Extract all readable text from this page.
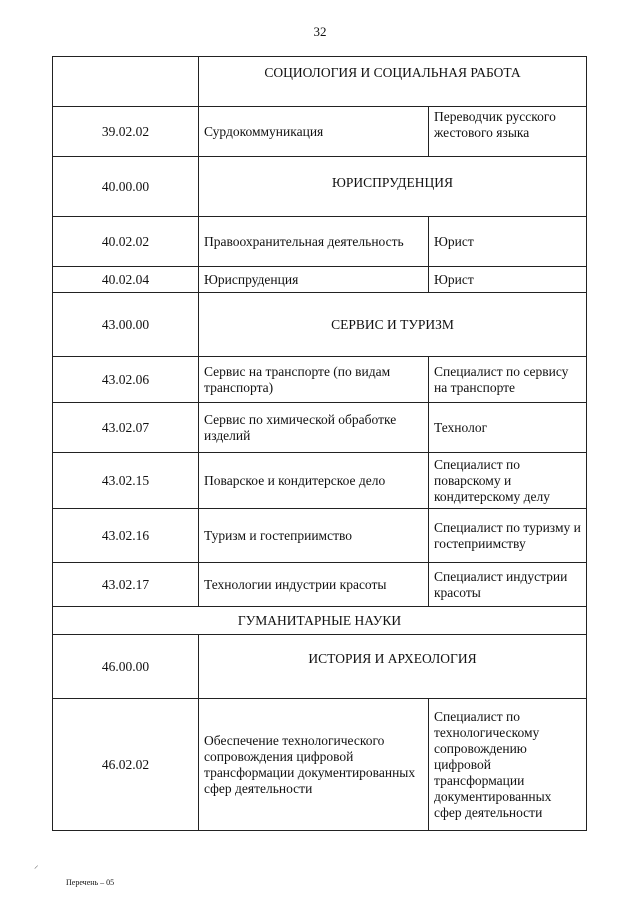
32
	СОЦИОЛОГИЯ И СОЦИАЛЬНАЯ РАБОТА	
39.02.02	Сурдокоммуникация	Переводчик русского жестового языка
40.00.00	ЮРИСПРУДЕНЦИЯ	
40.02.02	Правоохранительная деятельность	Юрист
40.02.04	Юриспруденция	Юрист
43.00.00	СЕРВИС И ТУРИЗМ	
43.02.06	Сервис на транспорте (по видам транспорта)	Специалист по сервису на транспорте
43.02.07	Сервис по химической обработке изделий	Технолог
43.02.15	Поварское и кондитерское дело	Специалист по поварскому и кондитерскому делу
43.02.16	Туризм и гостеприимство	Специалист по туризму и гостеприимству
43.02.17	Технологии индустрии красоты	Специалист индустрии красоты
ГУМАНИТАРНЫЕ НАУКИ		
46.00.00	ИСТОРИЯ И АРХЕОЛОГИЯ	
46.02.02	Обеспечение технологического сопровождения цифровой трансформации документированных сфер деятельности	Специалист по технологическому сопровождению цифровой трансформации документированных сфер деятельности
⸝
Перечень – 05
